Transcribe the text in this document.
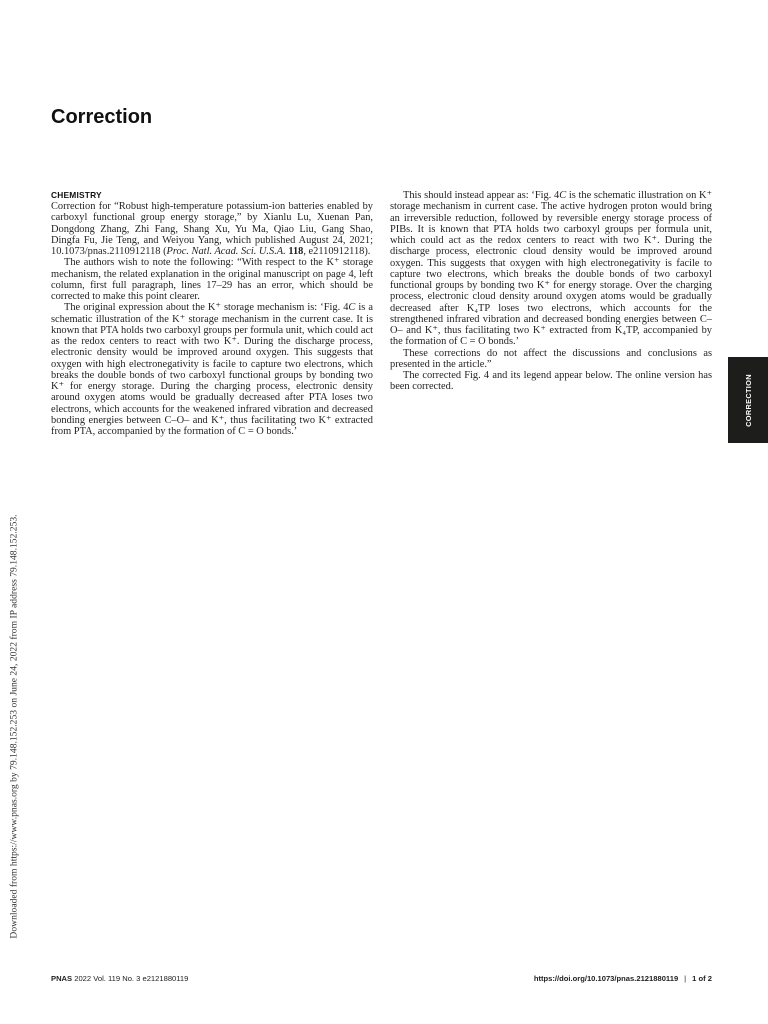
Correction
CHEMISTRY

Correction for “Robust high-temperature potassium-ion batteries enabled by carboxyl functional group energy storage,” by Xianlu Lu, Xuenan Pan, Dongdong Zhang, Zhi Fang, Shang Xu, Yu Ma, Qiao Liu, Gang Shao, Dingfa Fu, Jie Teng, and Weiyou Yang, which published August 24, 2021; 10.1073/pnas.2110912118 (Proc. Natl. Acad. Sci. U.S.A. 118, e2110912118).

The authors wish to note the following: “With respect to the K⁺ storage mechanism, the related explanation in the original manuscript on page 4, left column, first full paragraph, lines 17–29 has an error, which should be corrected to make this point clearer.

The original expression about the K⁺ storage mechanism is: ‘Fig. 4C is a schematic illustration of the K⁺ storage mechanism in the current case. It is known that PTA holds two carboxyl groups per formula unit, which could act as the redox centers to react with two K⁺. During the discharge process, electronic density would be improved around oxygen. This suggests that oxygen with high electronegativity is facile to capture two electrons, which breaks the double bonds of two carboxyl functional groups by bonding two K⁺ for energy storage. During the charging process, electronic density around oxygen atoms would be gradually decreased after PTA loses two electrons, which accounts for the weakened infrared vibration and decreased bonding energies between C–O– and K⁺, thus facilitating two K⁺ extracted from PTA, accompanied by the formation of C = O bonds.’

This should instead appear as: ‘Fig. 4C is the schematic illustration on K⁺ storage mechanism in current case. The active hydrogen proton would bring an irreversible reduction, followed by reversible energy storage process of PIBs. It is known that PTA holds two carboxyl groups per formula unit, which could act as the redox centers to react with two K⁺. During the discharge process, electronic cloud density would be improved around oxygen. This suggests that oxygen with high electronegativity is facile to capture two electrons, which breaks the double bonds of two carboxyl functional groups by bonding two K⁺ for energy storage. Over the charging process, electronic cloud density around oxygen atoms would be gradually decreased after K₄TP loses two electrons, which accounts for the strengthened infrared vibration and decreased bonding energies between C–O– and K⁺, thus facilitating two K⁺ extracted from K₄TP, accompanied by the formation of C = O bonds.’

These corrections do not affect the discussions and conclusions as presented in the article.”

The corrected Fig. 4 and its legend appear below. The online version has been corrected.	CORRECTION
Downloaded from https://www.pnas.org by 79.148.152.253 on June 24, 2022 from IP address 79.148.152.253.
PNAS 2022 Vol. 119 No. 3 e2121880119	https://doi.org/10.1073/pnas.2121880119 | 1 of 2
